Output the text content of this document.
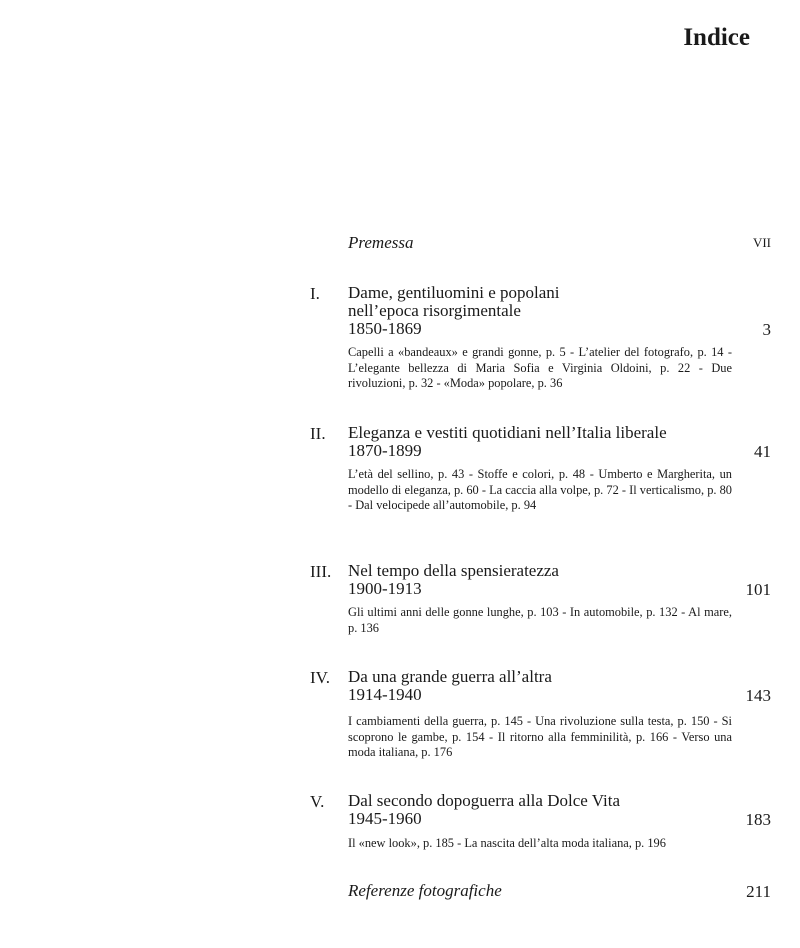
Indice
Premessa	VII
I. Dame, gentiluomini e popolani
nell’epoca risorgimentale
1850-1869	3
Capelli a «bandeaux» e grandi gonne, p. 5 - L’atelier del fotografo, p. 14 - L’elegante bellezza di Maria Sofia e Virginia Oldoini, p. 22 - Due rivoluzioni, p. 32 - «Moda» popolare, p. 36
II. Eleganza e vestiti quotidiani nell’Italia liberale
1870-1899	41
L’età del sellino, p. 43 - Stoffe e colori, p. 48 - Umberto e Margherita, un modello di eleganza, p. 60 - La caccia alla volpe, p. 72 - Il verticalismo, p. 80 - Dal velocipede all’automobile, p. 94
III. Nel tempo della spensieratezza
1900-1913	101
Gli ultimi anni delle gonne lunghe, p. 103 - In automobile, p. 132 - Al mare, p. 136
IV. Da una grande guerra all’altra
1914-1940	143
I cambiamenti della guerra, p. 145 - Una rivoluzione sulla testa, p. 150 - Si scoprono le gambe, p. 154 - Il ritorno alla femminilità, p. 166 - Verso una moda italiana, p. 176
V. Dal secondo dopoguerra alla Dolce Vita
1945-1960	183
Il «new look», p. 185 - La nascita dell’alta moda italiana, p. 196
Referenze fotografiche	211
